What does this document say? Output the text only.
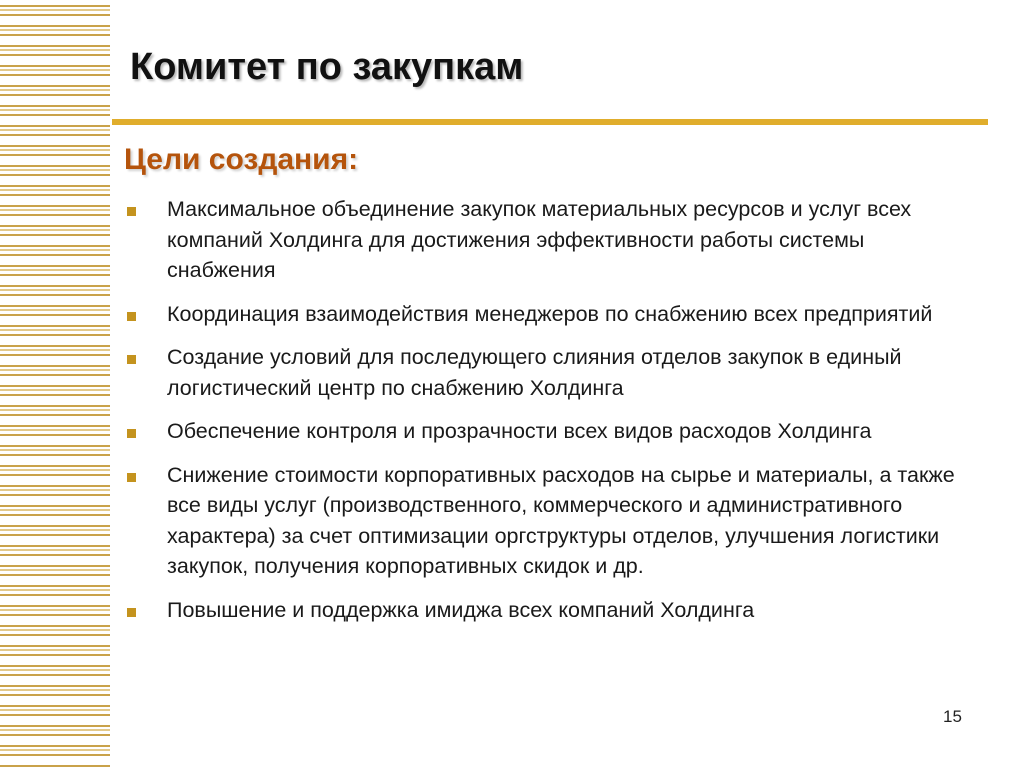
Комитет по закупкам
Цели создания:
Максимальное объединение закупок материальных ресурсов и услуг всех компаний Холдинга для достижения эффективности работы системы снабжения
Координация взаимодействия менеджеров по снабжению всех предприятий
Создание условий для последующего слияния отделов закупок в единый логистический центр по снабжению Холдинга
Обеспечение контроля и прозрачности всех видов расходов Холдинга
Снижение стоимости корпоративных расходов на сырье и материалы, а также все виды услуг (производственного, коммерческого и административного характера) за счет оптимизации оргструктуры отделов, улучшения логистики закупок, получения корпоративных скидок и др.
Повышение и поддержка имиджа всех компаний Холдинга
15
